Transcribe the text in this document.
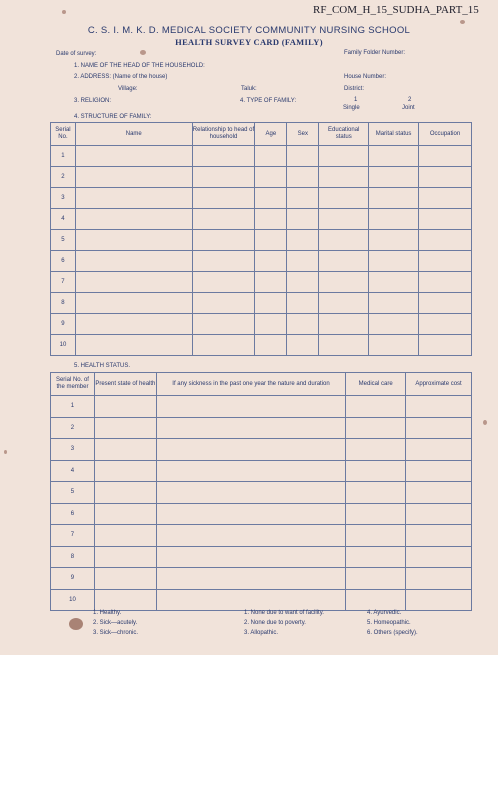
RF_COM_H_15_SUDHA_PART_15
C. S. I. M. K. D. MEDICAL SOCIETY COMMUNITY NURSING SCHOOL
HEALTH SURVEY CARD (FAMILY)
Date of survey:	Family Folder Number:
1. NAME OF THE HEAD OF THE HOUSEHOLD:
2. ADDRESS: (Name of the house)	House Number:
Village:	Taluk:	District:
3. RELIGION:	4. TYPE OF FAMILY:	1
Single
2
Joint
4. STRUCTURE OF FAMILY:
Serial No.	Name	Relationship to head of household	Age	Sex	Educational status	Marital status	Occupation
1							
2							
3							
4							
5							
6							
7							
8							
9							
10							
5. HEALTH STATUS.
Serial No. of the member	Present state of health	If any sickness in the past one year the nature and duration	Medical care	Approximate cost
1				
2				
3				
4				
5				
6				
7				
8				
9				
10				
1. Healthy.
2. Sick—acutely.
3. Sick—chronic.
1. None due to want of facility.
2. None due to poverty.
3. Allopathic.
4. Ayurvedic.
5. Homeopathic.
6. Others (specify).
